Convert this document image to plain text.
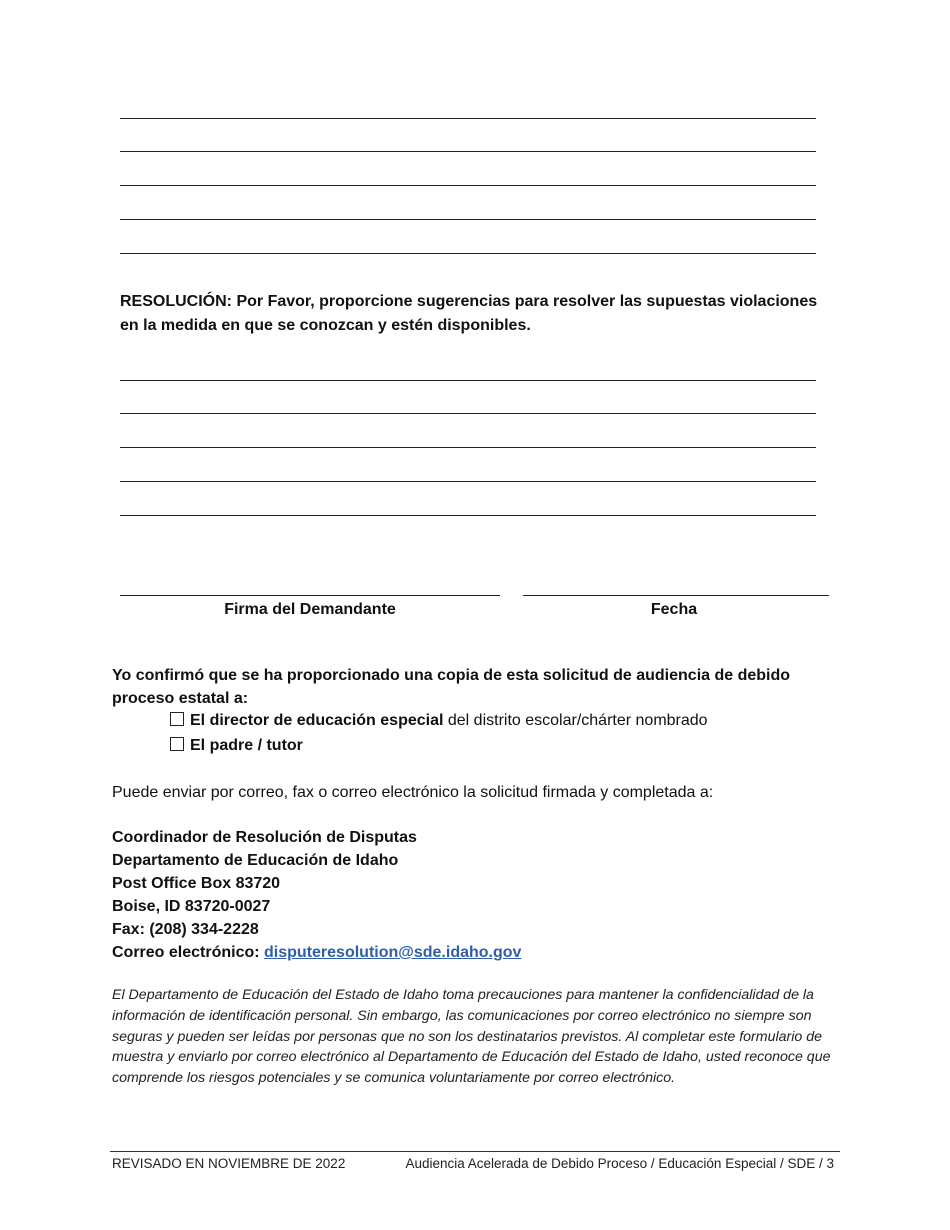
RESOLUCIÓN: Por Favor, proporcione sugerencias para resolver las supuestas violaciones en la medida en que se conozcan y estén disponibles.
Firma del Demandante	Fecha
Yo confirmó que se ha proporcionado una copia de esta solicitud de audiencia de debido proceso estatal a:
El director de educación especial del distrito escolar/chárter nombrado
El padre / tutor
Puede enviar por correo, fax o correo electrónico la solicitud firmada y completada a:
Coordinador de Resolución de Disputas
Departamento de Educación de Idaho
Post Office Box 83720
Boise, ID 83720-0027
Fax: (208) 334-2228
Correo electrónico: disputeresolution@sde.idaho.gov
El Departamento de Educación del Estado de Idaho toma precauciones para mantener la confidencialidad de la información de identificación personal. Sin embargo, las comunicaciones por correo electrónico no siempre son seguras y pueden ser leídas por personas que no son los destinatarios previstos. Al completar este formulario de muestra y enviarlo por correo electrónico al Departamento de Educación del Estado de Idaho, usted reconoce que comprende los riesgos potenciales y se comunica voluntariamente por correo electrónico.
REVISADO EN NOVIEMBRE DE 2022	Audiencia Acelerada de Debido Proceso / Educación Especial / SDE / 3
